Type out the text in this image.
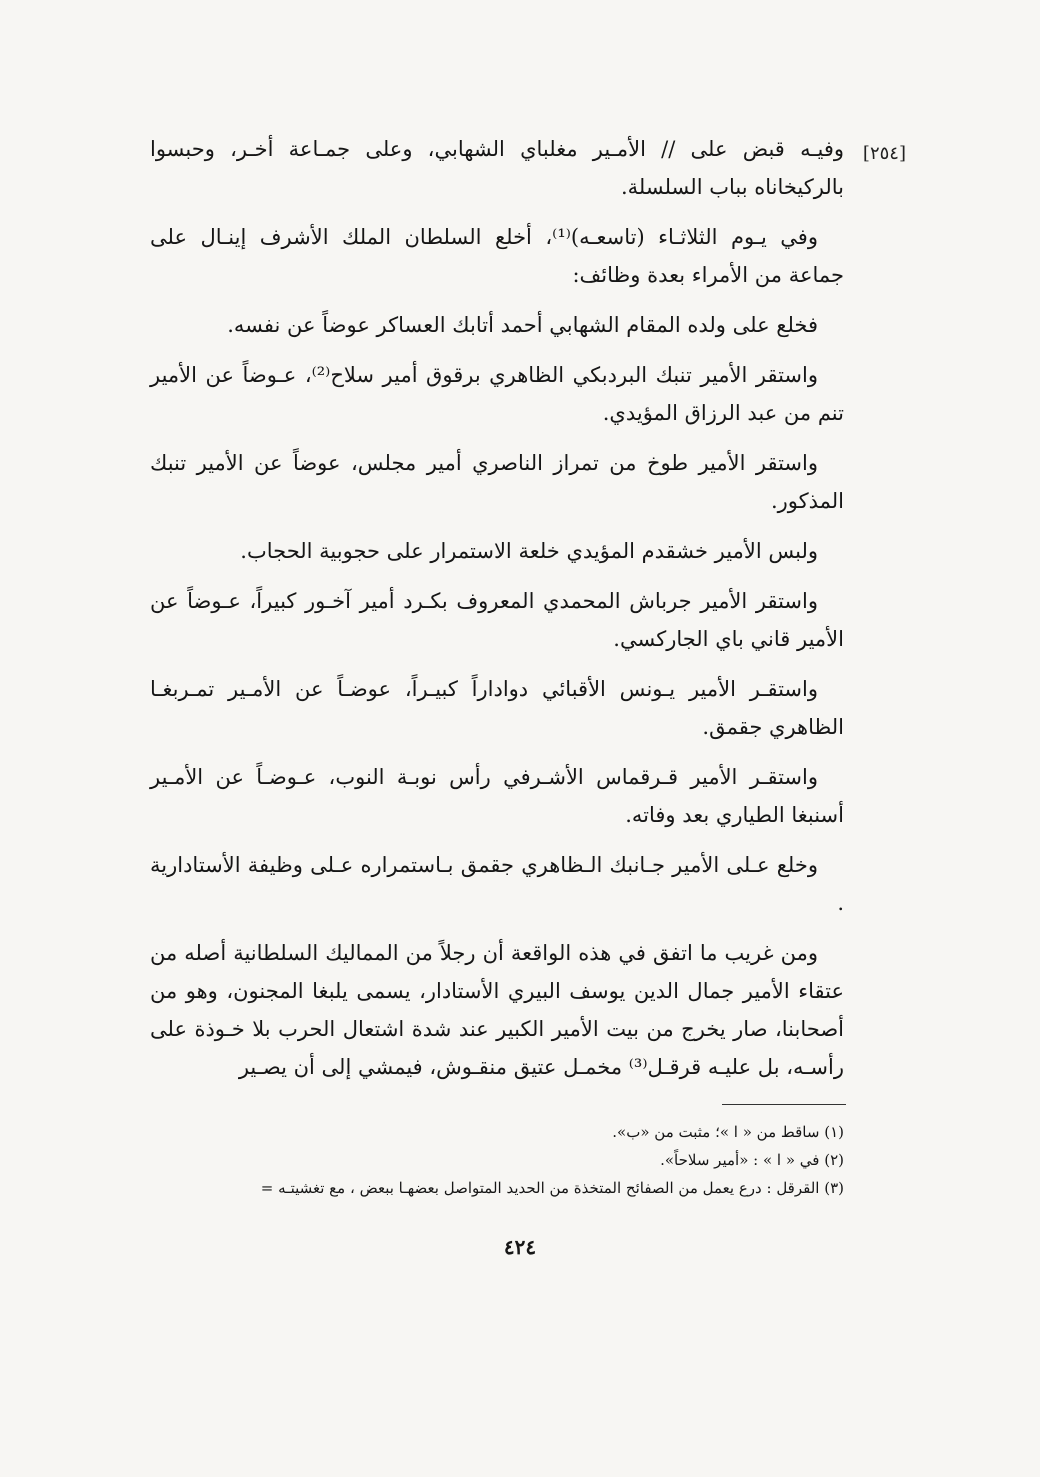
[٢٥٤]

وفيـه قبض على // الأمـير مغلباي الشهابي، وعلى جمـاعة أخـر، وحبسوا بالركيخاناه بباب السلسلة.

وفي يـوم الثلاثـاء (تاسعـه)⁽¹⁾، أخلع السلطان الملك الأشرف إينـال على جماعة من الأمراء بعدة وظائف:

فخلع على ولده المقام الشهابي أحمد أتابك العساكر عوضاً عن نفسه.

واستقر الأمير تنبك البردبكي الظاهري برقوق أمير سلاح⁽²⁾، عـوضاً عن الأمير تنم من عبد الرزاق المؤيدي.

واستقر الأمير طوخ من تمراز الناصري أمير مجلس، عوضاً عن الأمير تنبك المذكور.

ولبس الأمير خشقدم المؤيدي خلعة الاستمرار على حجوبية الحجاب.

واستقر الأمير جرباش المحمدي المعروف بكـرد أمير آخـور كبيراً، عـوضاً عن الأمير قاني باي الجاركسي.

واستقـر الأمير يـونس الأقبائي دواداراً كبيـراً، عوضـاً عن الأمـير تمـربغـا الظاهري جقمق.

واستقـر الأمير قـرقماس الأشـرفي رأس نوبـة النوب، عـوضـاً عن الأمـير أسنبغا الطياري بعد وفاته.

وخلع عـلى الأمير جـانبك الـظاهري جقمق بـاستمراره عـلى وظيفة الأستادارية .

ومن غريب ما اتفق في هذه الواقعة أن رجلاً من المماليك السلطانية أصله من عتقاء الأمير جمال الدين يوسف البيري الأستادار، يسمى يلبغا المجنون، وهو من أصحابنا، صار يخرج من بيت الأمير الكبير عند شدة اشتعال الحرب بلا خـوذة على رأسـه، بل عليـه قرقـل⁽³⁾ مخمـل عتيق منقـوش، فيمشي إلى أن يصـير

(١) ساقط من « ا »؛ مثبت من «ب».
(٢) في « ا » : «أمير سلاحاً».
(٣) القرقل : درع يعمل من الصفائح المتخذة من الحديد المتواصل بعضهـا ببعض ، مع تغشيتـه =
٤٢٤
